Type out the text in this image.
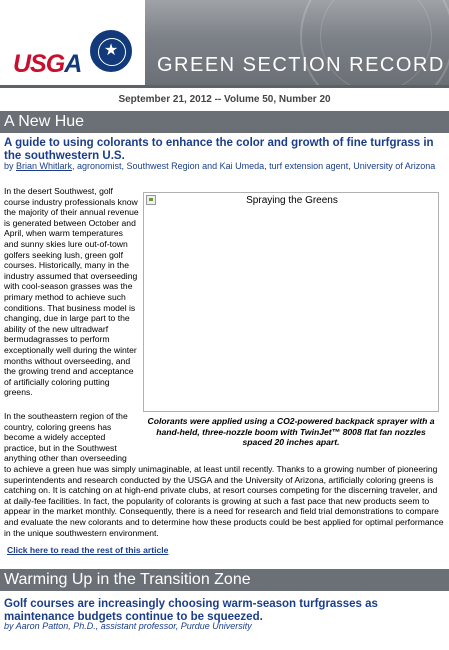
USGA	★
GREEN SECTION RECORD
September 21, 2012 -- Volume 50, Number 20
A New Hue
A guide to using colorants to enhance the color and growth of fine turfgrass in the southwestern U.S.
by Brian Whitlark, agronomist, Southwest Region and Kai Umeda, turf extension agent, University of Arizona
In the desert Southwest, golf course industry professionals know the majority of their annual revenue is generated between October and April, when warm temperatures and sunny skies lure out-of-town golfers seeking lush, green golf courses. Historically, many in the industry assumed that overseeding with cool-season grasses was the primary method to achieve such conditions. That business model is changing, due in large part to the ability of the new ultradwarf bermudagrasses to perform exceptionally well during the winter months without overseeding, and the growing trend and acceptance of artificially coloring putting greens.
Spraying the Greens
Colorants were applied using a CO2-powered backpack sprayer with a hand-held, three-nozzle boom with TwinJet™ 8008 flat fan nozzles spaced 20 inches apart.
In the southeastern region of the country, coloring greens has become a widely accepted practice, but in the Southwest anything other than overseeding
to achieve a green hue was simply unimaginable, at least until recently. Thanks to a growing number of pioneering superintendents and research conducted by the USGA and the University of Arizona, artificially coloring greens is catching on. It is catching on at high-end private clubs, at resort courses competing for the discerning traveler, and at daily-fee facilities. In fact, the popularity of colorants is growing at such a fast pace that new products seem to appear in the market monthly. Consequently, there is a need for research and field trial demonstrations to compare and evaluate the new colorants and to determine how these products could be best applied for optimal performance in the unique southwestern environment.
Click here to read the rest of this article
Warming Up in the Transition Zone
Golf courses are increasingly choosing warm-season turfgrasses as maintenance budgets continue to be squeezed.
by Aaron Patton, Ph.D., assistant professor, Purdue University
